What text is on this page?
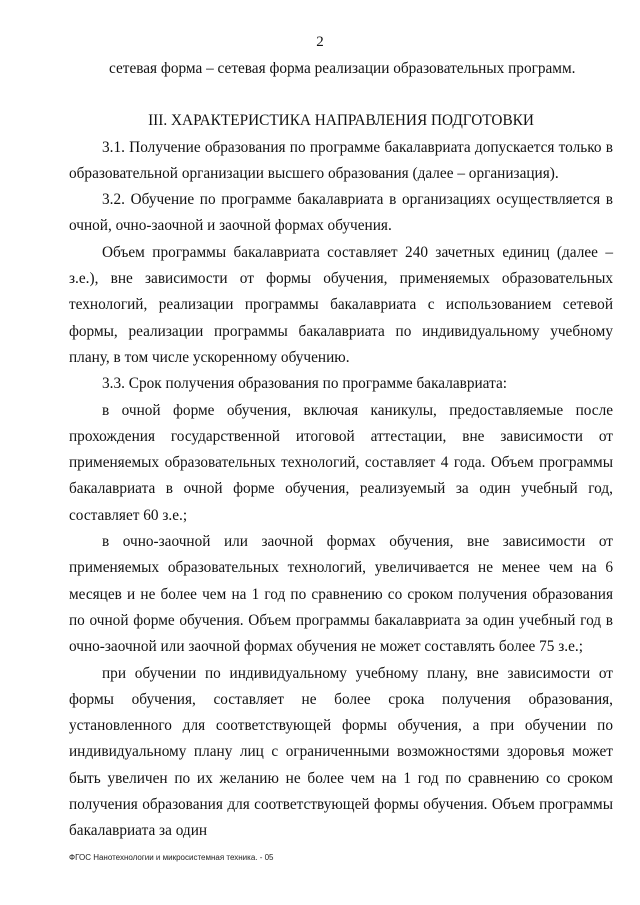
2

сетевая форма – сетевая форма реализации образовательных программ.

III. ХАРАКТЕРИСТИКА НАПРАВЛЕНИЯ ПОДГОТОВКИ

3.1. Получение образования по программе бакалавриата допускается только в образовательной организации высшего образования (далее – организация).

3.2. Обучение по программе бакалавриата в организациях осуществляется в очной, очно-заочной и заочной формах обучения.

Объем программы бакалавриата составляет 240 зачетных единиц (далее – з.е.), вне зависимости от формы обучения, применяемых образовательных технологий, реализации программы бакалавриата с использованием сетевой формы, реализации программы бакалавриата по индивидуальному учебному плану, в том числе ускоренному обучению.

3.3. Срок получения образования по программе бакалавриата:

в очной форме обучения, включая каникулы, предоставляемые после прохождения государственной итоговой аттестации, вне зависимости от применяемых образовательных технологий, составляет 4 года. Объем программы бакалавриата в очной форме обучения, реализуемый за один учебный год, составляет 60 з.е.;

в очно-заочной или заочной формах обучения, вне зависимости от применяемых образовательных технологий, увеличивается не менее чем на 6 месяцев и не более чем на 1 год по сравнению со сроком получения образования по очной форме обучения. Объем программы бакалавриата за один учебный год в очно-заочной или заочной формах обучения не может составлять более 75 з.е.;

при обучении по индивидуальному учебному плану, вне зависимости от формы обучения, составляет не более срока получения образования, установленного для соответствующей формы обучения, а при обучении по индивидуальному плану лиц с ограниченными возможностями здоровья может быть увеличен по их желанию не более чем на 1 год по сравнению со сроком получения образования для соответствующей формы обучения. Объем программы бакалавриата за один

ФГОС Нанотехнологии и микросистемная техника. - 05
